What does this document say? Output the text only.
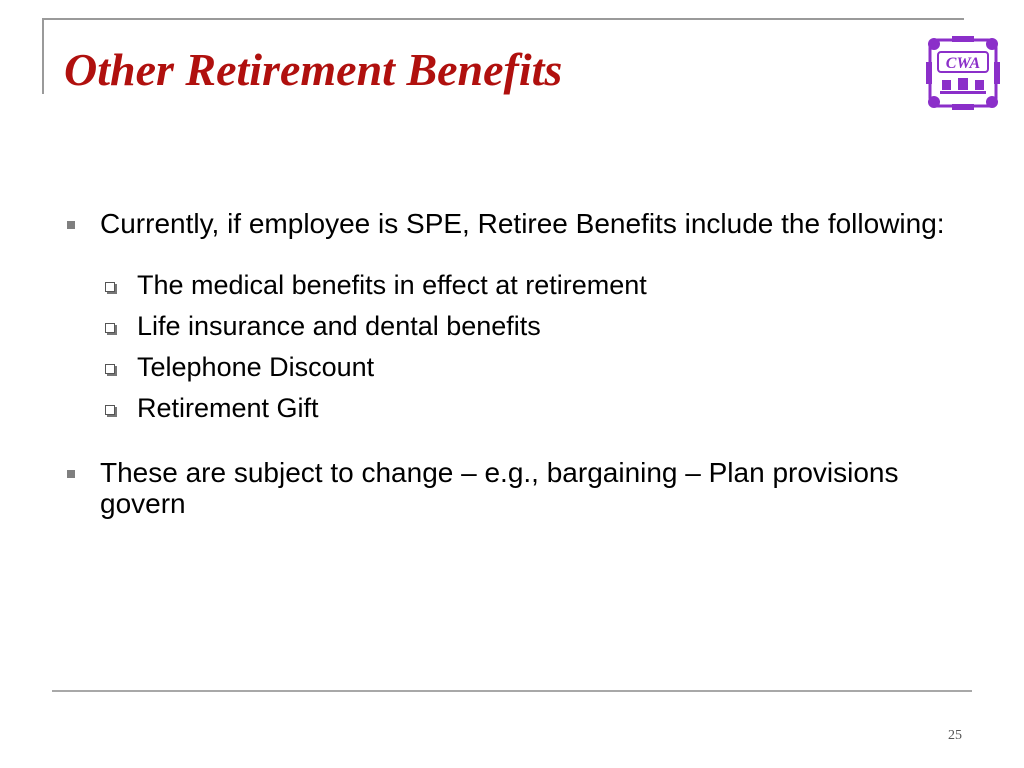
Other Retirement Benefits	CWA
Currently, if employee is SPE, Retiree Benefits include the following:
The medical benefits in effect at retirement
Life insurance and dental benefits
Telephone Discount
Retirement Gift
These are subject to change – e.g., bargaining – Plan provisions govern
25
